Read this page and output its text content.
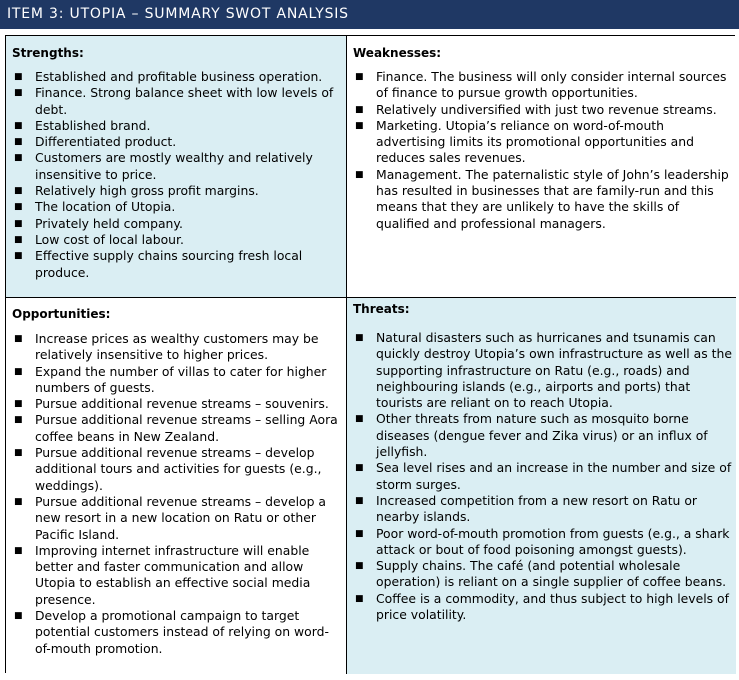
ITEM 3: UTOPIA – SUMMARY SWOT ANALYSIS
Strengths:
■ Established and profitable business operation.
■ Finance. Strong balance sheet with low levels of debt.
■ Established brand.
■ Differentiated product.
■ Customers are mostly wealthy and relatively insensitive to price.
■ Relatively high gross profit margins.
■ The location of Utopia.
■ Privately held company.
■ Low cost of local labour.
■ Effective supply chains sourcing fresh local produce.
Weaknesses:
■ Finance. The business will only consider internal sources of finance to pursue growth opportunities.
■ Relatively undiversified with just two revenue streams.
■ Marketing. Utopia’s reliance on word-of-mouth advertising limits its promotional opportunities and reduces sales revenues.
■ Management. The paternalistic style of John’s leadership has resulted in businesses that are family-run and this means that they are unlikely to have the skills of qualified and professional managers.
Opportunities:
■ Increase prices as wealthy customers may be relatively insensitive to higher prices.
■ Expand the number of villas to cater for higher numbers of guests.
■ Pursue additional revenue streams – souvenirs.
■ Pursue additional revenue streams – selling Aora coffee beans in New Zealand.
■ Pursue additional revenue streams – develop additional tours and activities for guests (e.g., weddings).
■ Pursue additional revenue streams – develop a new resort in a new location on Ratu or other Pacific Island.
■ Improving internet infrastructure will enable better and faster communication and allow Utopia to establish an effective social media presence.
■ Develop a promotional campaign to target potential customers instead of relying on word-of-mouth promotion.
Threats:
■ Natural disasters such as hurricanes and tsunamis can quickly destroy Utopia’s own infrastructure as well as the supporting infrastructure on Ratu (e.g., roads) and neighbouring islands (e.g., airports and ports) that tourists are reliant on to reach Utopia.
■ Other threats from nature such as mosquito borne diseases (dengue fever and Zika virus) or an influx of jellyfish.
■ Sea level rises and an increase in the number and size of storm surges.
■ Increased competition from a new resort on Ratu or nearby islands.
■ Poor word-of-mouth promotion from guests (e.g., a shark attack or bout of food poisoning amongst guests).
■ Supply chains. The café (and potential wholesale operation) is reliant on a single supplier of coffee beans.
■ Coffee is a commodity, and thus subject to high levels of price volatility.
